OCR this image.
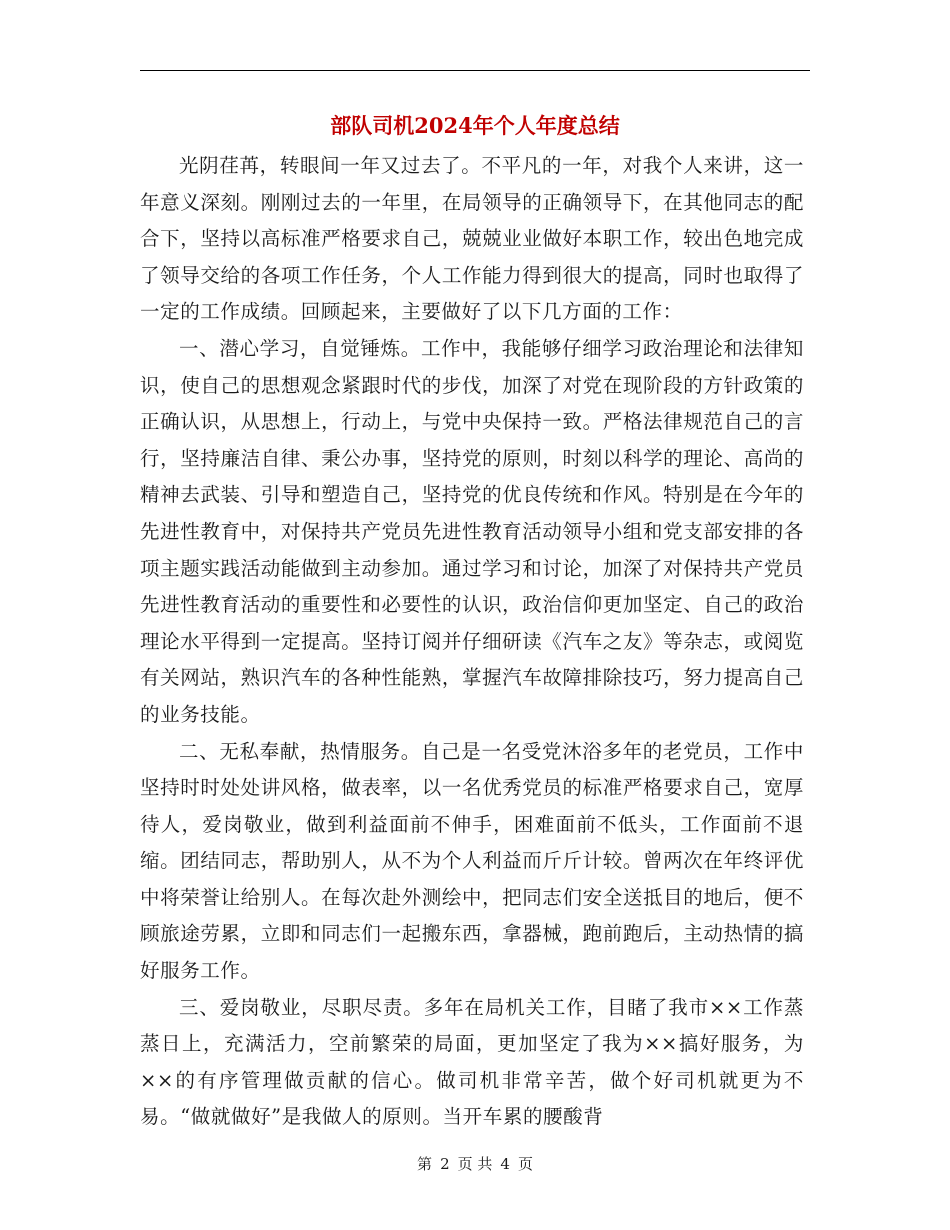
部队司机2024年个人年度总结

光阴荏苒，转眼间一年又过去了。不平凡的一年，对我个人来讲，这一年意义深刻。刚刚过去的一年里，在局领导的正确领导下，在其他同志的配合下，坚持以高标准严格要求自己，兢兢业业做好本职工作，较出色地完成了领导交给的各项工作任务，个人工作能力得到很大的提高，同时也取得了一定的工作成绩。回顾起来，主要做好了以下几方面的工作：

一、潜心学习，自觉锤炼。工作中，我能够仔细学习政治理论和法律知识，使自己的思想观念紧跟时代的步伐，加深了对党在现阶段的方针政策的正确认识，从思想上，行动上，与党中央保持一致。严格法律规范自己的言行，坚持廉洁自律、秉公办事，坚持党的原则，时刻以科学的理论、高尚的精神去武装、引导和塑造自己，坚持党的优良传统和作风。特别是在今年的先进性教育中，对保持共产党员先进性教育活动领导小组和党支部安排的各项主题实践活动能做到主动参加。通过学习和讨论，加深了对保持共产党员先进性教育活动的重要性和必要性的认识，政治信仰更加坚定、自己的政治理论水平得到一定提高。坚持订阅并仔细研读《汽车之友》等杂志，或阅览有关网站，熟识汽车的各种性能熟，掌握汽车故障排除技巧，努力提高自己的业务技能。

二、无私奉献，热情服务。自己是一名受党沐浴多年的老党员，工作中坚持时时处处讲风格，做表率，以一名优秀党员的标准严格要求自己，宽厚待人，爱岗敬业，做到利益面前不伸手，困难面前不低头，工作面前不退缩。团结同志，帮助别人，从不为个人利益而斤斤计较。曾两次在年终评优中将荣誉让给别人。在每次赴外测绘中，把同志们安全送抵目的地后，便不顾旅途劳累，立即和同志们一起搬东西，拿器械，跑前跑后，主动热情的搞好服务工作。

三、爱岗敬业，尽职尽责。多年在局机关工作，目睹了我市××工作蒸蒸日上，充满活力，空前繁荣的局面，更加坚定了我为××搞好服务，为××的有序管理做贡献的信心。做司机非常辛苦，做个好司机就更为不易。“做就做好”是我做人的原则。当开车累的腰酸背

第 2 页 共 4 页
